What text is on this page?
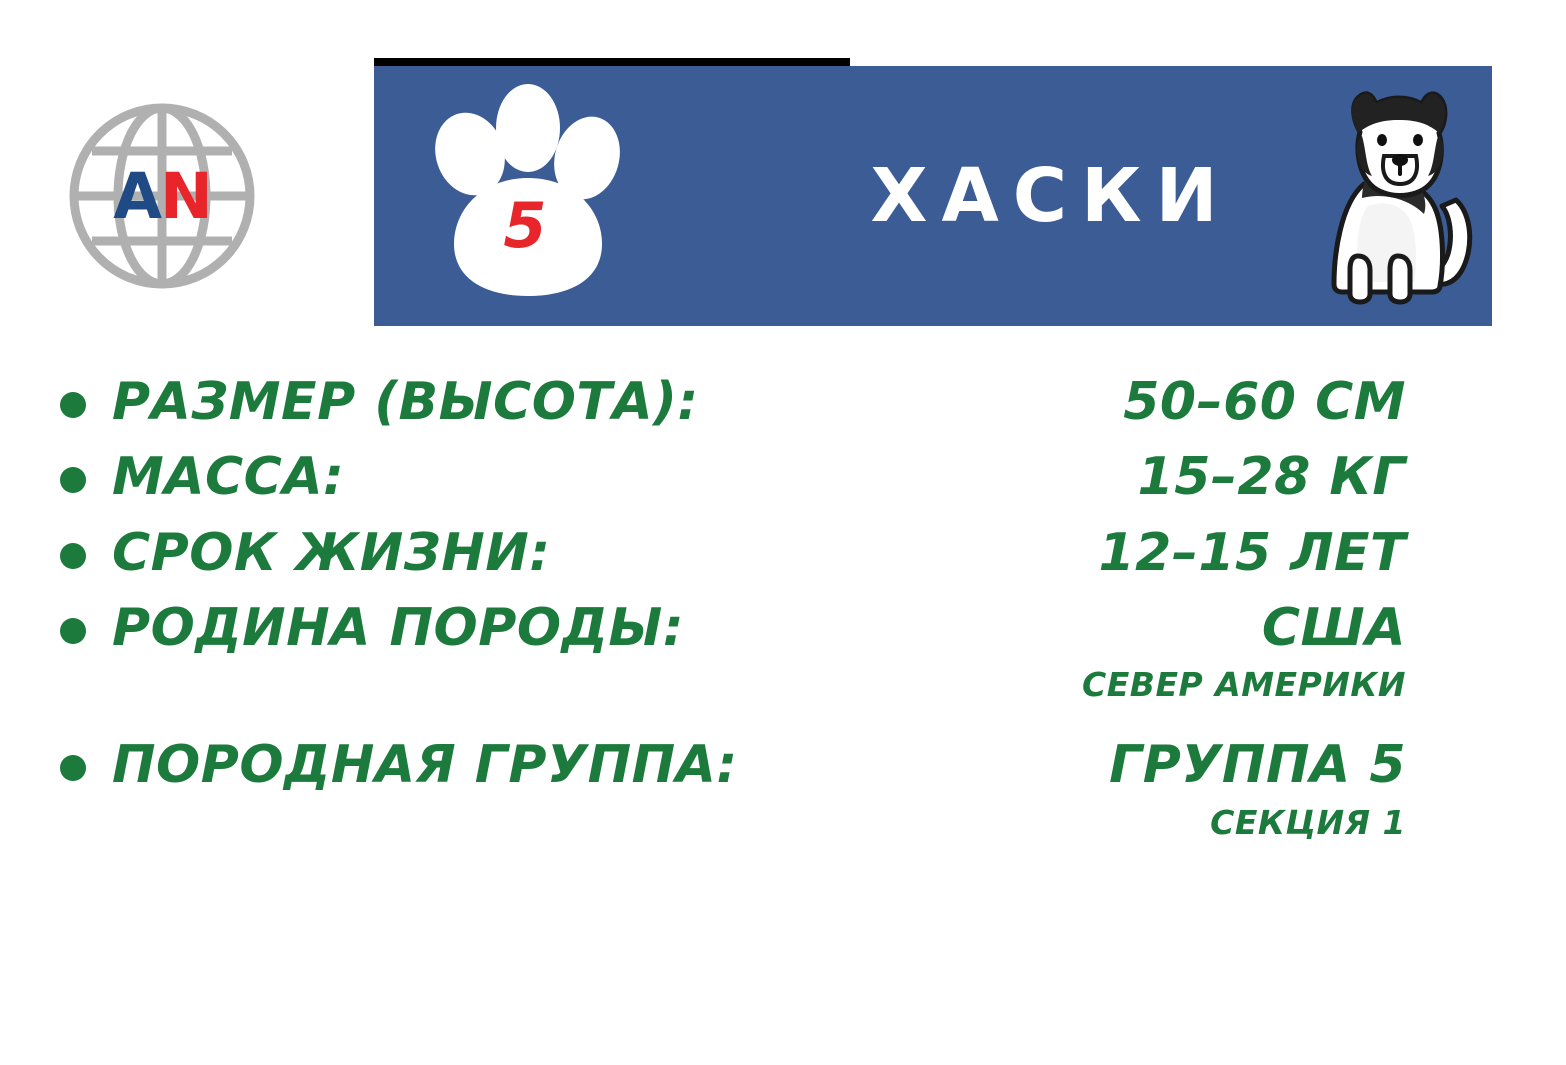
A N	5	ХАСКИ
РАЗМЕР (ВЫСОТА):	50–60 СМ
МАССА:	15–28 КГ
СРОК ЖИЗНИ:	12–15 ЛЕТ
РОДИНА ПОРОДЫ:	США
СЕВЕР АМЕРИКИ
ПОРОДНАЯ ГРУППА:	ГРУППА 5
СЕКЦИЯ 1
